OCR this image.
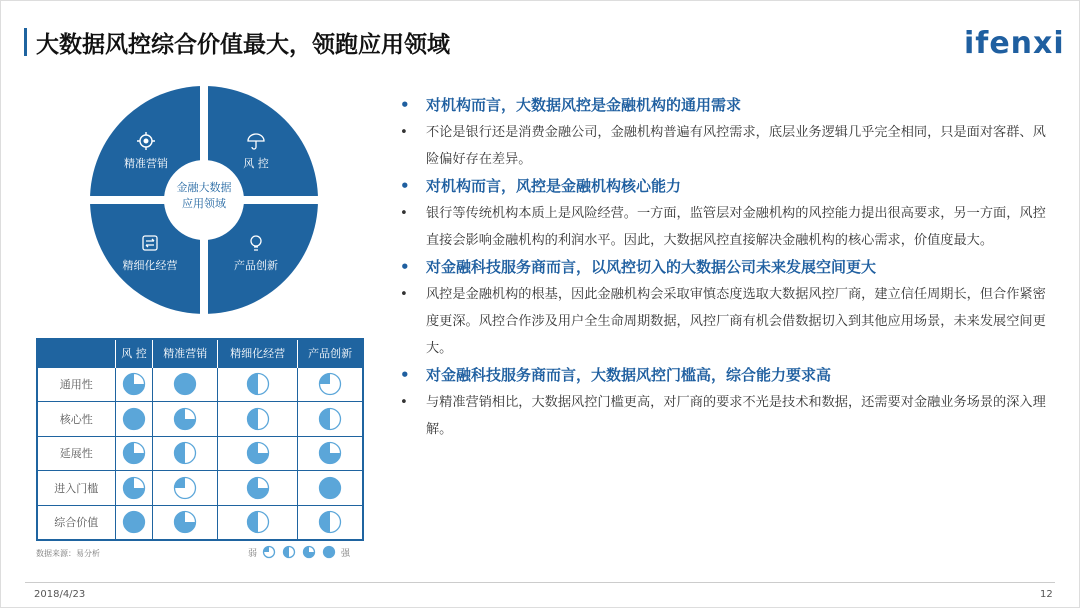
大数据风控综合价值最大，领跑应用领域	ifenxi
金融大数据
应用领域
精准营销	风 控
精细化经营	产品创新
	风 控	精准营销	精细化经营	产品创新
通用性	

核心性	

延展性	

进入门槛	

综合价值	

数据来源：易分析	弱	强
•	对机构而言，大数据风控是金融机构的通用需求
•	不论是银行还是消费金融公司，金融机构普遍有风控需求，底层业务逻辑几乎完全相同，只是面对客群、风险偏好存在差异。
•	对机构而言，风控是金融机构核心能力
•	银行等传统机构本质上是风险经营。一方面，监管层对金融机构的风控能力提出很高要求，另一方面，风控直接会影响金融机构的利润水平。因此，大数据风控直接解决金融机构的核心需求，价值度最大。
•	对金融科技服务商而言，以风控切入的大数据公司未来发展空间更大
•	风控是金融机构的根基，因此金融机构会采取审慎态度选取大数据风控厂商，建立信任周期长，但合作紧密度更深。风控合作涉及用户全生命周期数据，风控厂商有机会借数据切入到其他应用场景，未来发展空间更大。
•	对金融科技服务商而言，大数据风控门槛高，综合能力要求高
•	与精准营销相比，大数据风控门槛更高，对厂商的要求不光是技术和数据，还需要对金融业务场景的深入理解。
2018/4/23	12
